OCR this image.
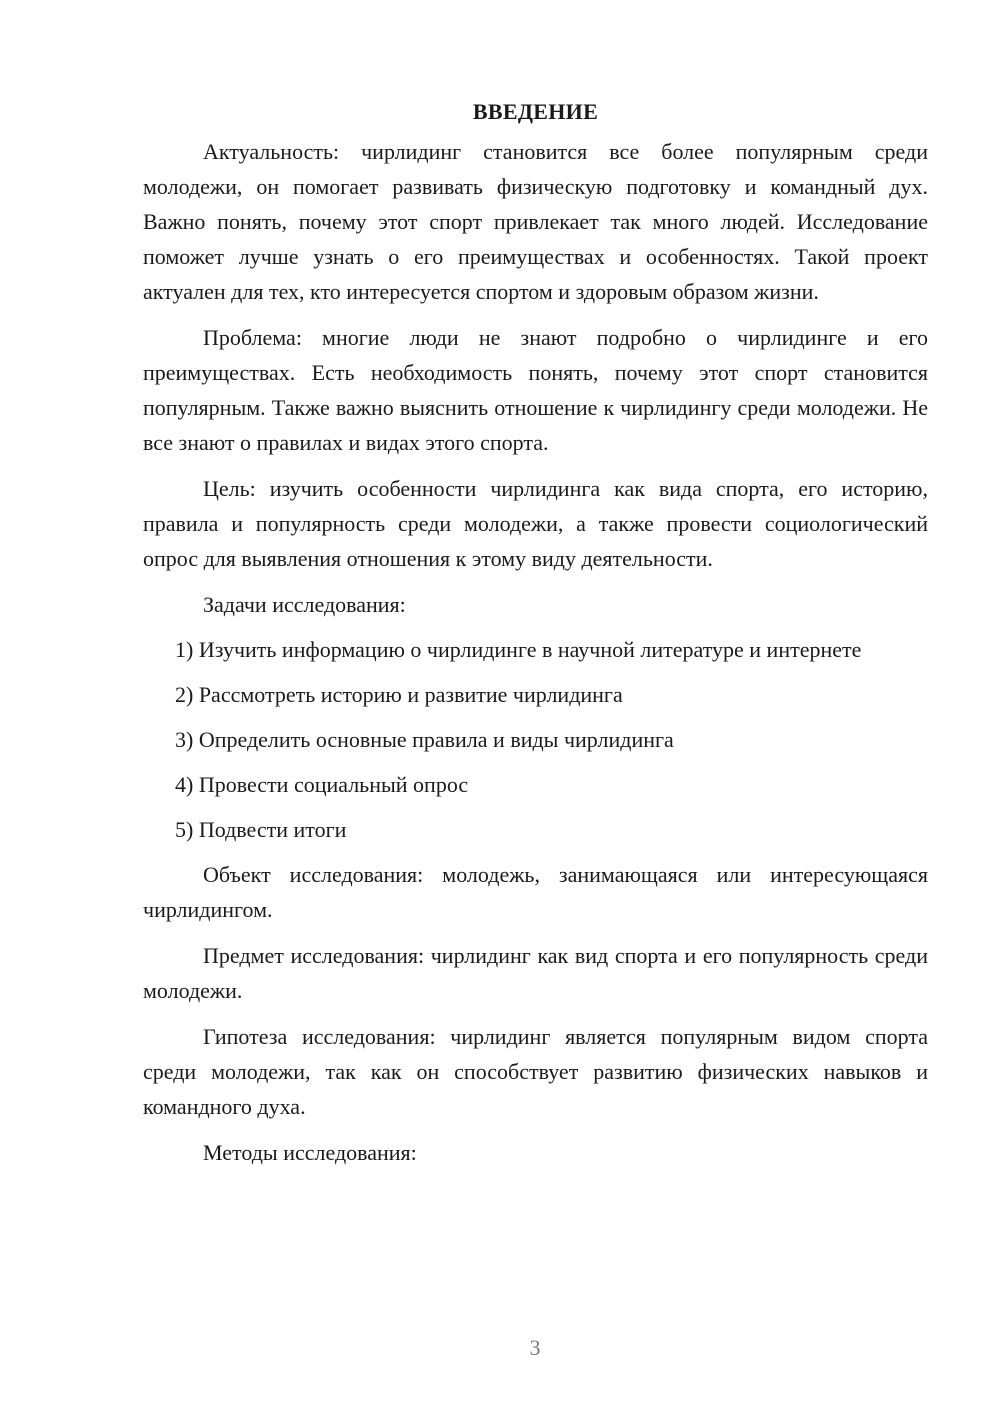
ВВЕДЕНИЕ

Актуальность: чирлидинг становится все более популярным среди молодежи, он помогает развивать физическую подготовку и командный дух. Важно понять, почему этот спорт привлекает так много людей. Исследование поможет лучше узнать о его преимуществах и особенностях. Такой проект актуален для тех, кто интересуется спортом и здоровым образом жизни.

Проблема: многие люди не знают подробно о чирлидинге и его преимуществах. Есть необходимость понять, почему этот спорт становится популярным. Также важно выяснить отношение к чирлидингу среди молодежи. Не все знают о правилах и видах этого спорта.

Цель: изучить особенности чирлидинга как вида спорта, его историю, правила и популярность среди молодежи, а также провести социологический опрос для выявления отношения к этому виду деятельности.

Задачи исследования:

1) Изучить информацию о чирлидинге в научной литературе и интернете

2) Рассмотреть историю и развитие чирлидинга

3) Определить основные правила и виды чирлидинга

4) Провести социальный опрос

5) Подвести итоги

Объект исследования: молодежь, занимающаяся или интересующаяся чирлидингом.

Предмет исследования: чирлидинг как вид спорта и его популярность среди молодежи.

Гипотеза исследования: чирлидинг является популярным видом спорта среди молодежи, так как он способствует развитию физических навыков и командного духа.

Методы исследования:

3
